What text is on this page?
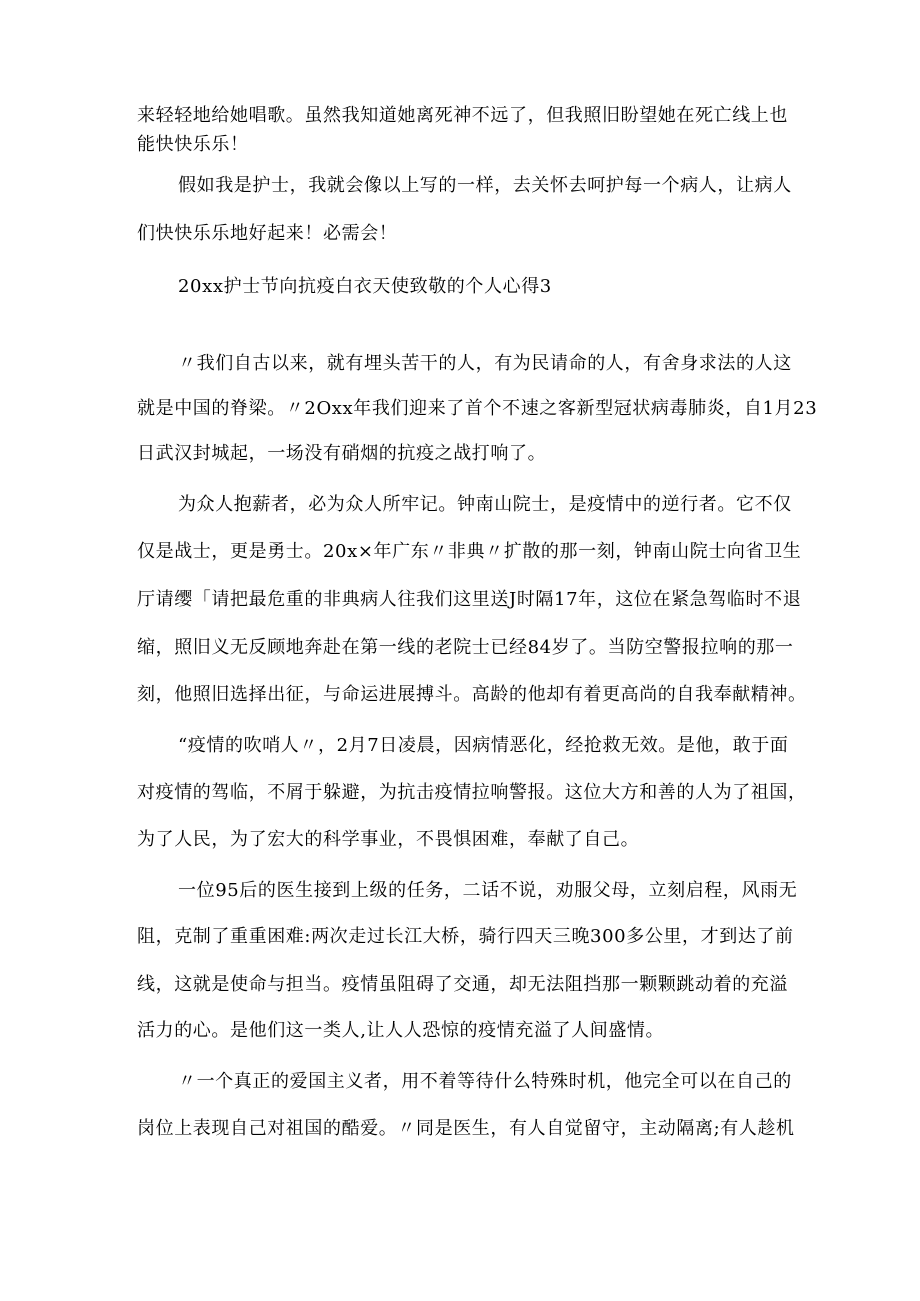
来轻轻地给她唱歌。虽然我知道她离死神不远了，但我照旧盼望她在死亡线上也
能快快乐乐！
假如我是护士，我就会像以上写的一样，去关怀去呵护每一个病人，让病人
们快快乐乐地好起来！必需会！
20xx护士节向抗疫白衣天使致敬的个人心得3
〃我们自古以来，就有埋头苦干的人，有为民请命的人，有舍身求法的人这
就是中国的脊梁。〃2Oxx年我们迎来了首个不速之客新型冠状病毒肺炎，自1月23
日武汉封城起，一场没有硝烟的抗疫之战打响了。
为众人抱薪者，必为众人所牢记。钟南山院士，是疫情中的逆行者。它不仅
仅是战士，更是勇士。20x×年广东〃非典〃扩散的那一刻，钟南山院士向省卫生
厅请缨「请把最危重的非典病人往我们这里送J时隔17年，这位在紧急驾临时不退
缩，照旧义无反顾地奔赴在第一线的老院士已经84岁了。当防空警报拉响的那一
刻，他照旧选择出征，与命运进展搏斗。高龄的他却有着更高尚的自我奉献精神。
“疫情的吹哨人〃，2月7日凌晨，因病情恶化，经抢救无效。是他，敢于面
对疫情的驾临，不屑于躲避，为抗击疫情拉响警报。这位大方和善的人为了祖国，
为了人民，为了宏大的科学事业，不畏惧困难，奉献了自己。
一位95后的医生接到上级的任务，二话不说，劝服父母，立刻启程，风雨无
阻，克制了重重困难:两次走过长江大桥，骑行四天三晚300多公里，才到达了前
线，这就是使命与担当。疫情虽阻碍了交通，却无法阻挡那一颗颗跳动着的充溢
活力的心。是他们这一类人,让人人恐惊的疫情充溢了人间盛情。
〃一个真正的爱国主义者，用不着等待什么特殊时机，他完全可以在自己的
岗位上表现自己对祖国的酷爱。〃同是医生，有人自觉留守，主动隔离;有人趁机
